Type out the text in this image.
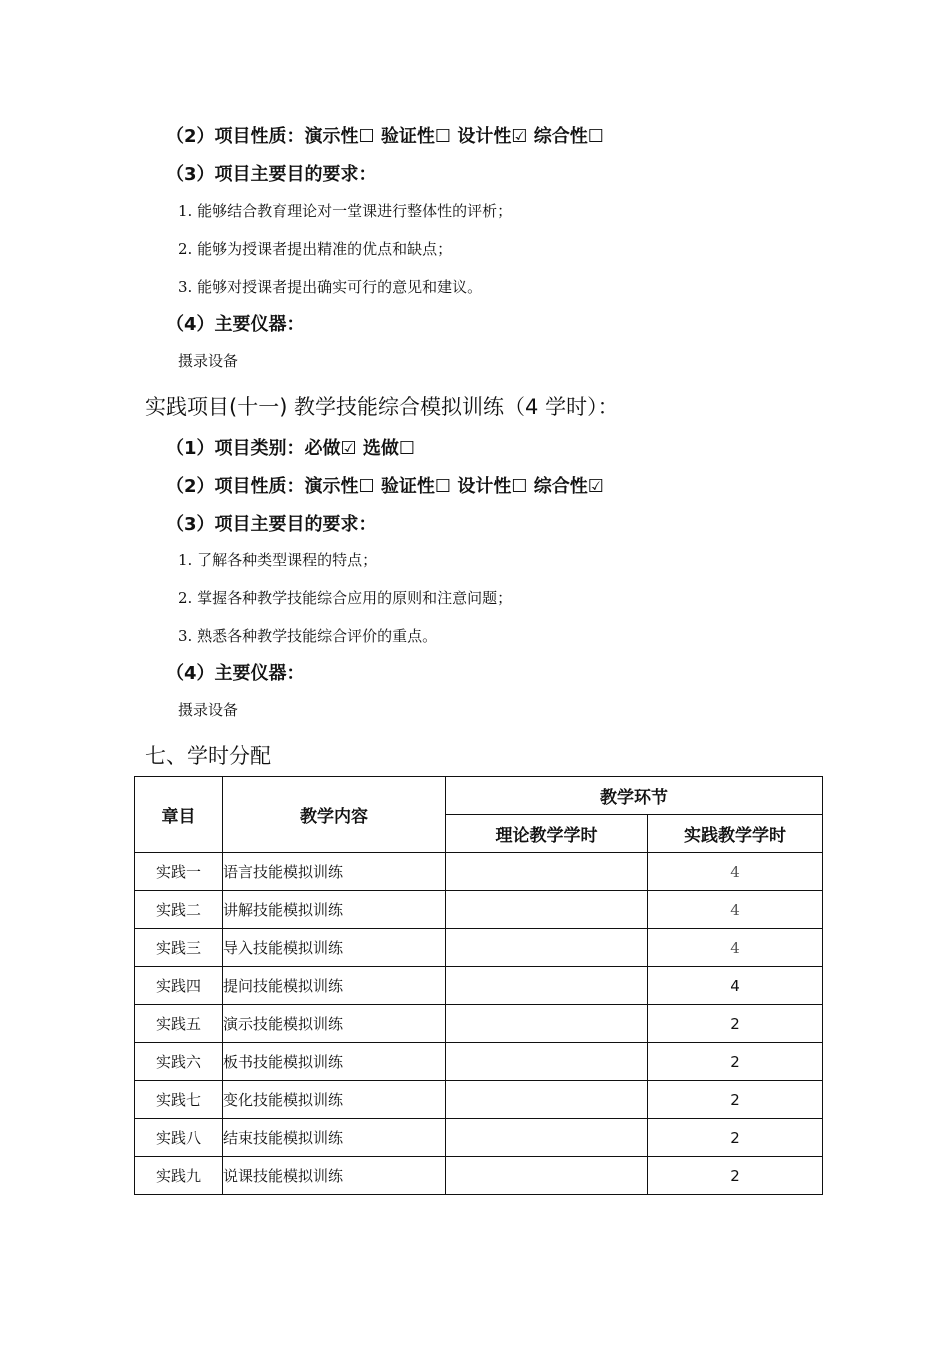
（2）项目性质：演示性☐ 验证性☐ 设计性☑ 综合性☐
（3）项目主要目的要求：
1. 能够结合教育理论对一堂课进行整体性的评析；
2. 能够为授课者提出精准的优点和缺点；
3. 能够对授课者提出确实可行的意见和建议。
（4）主要仪器：
摄录设备
实践项目(十一) 教学技能综合模拟训练（4 学时）：
（1）项目类别：必做☑ 选做☐
（2）项目性质：演示性☐ 验证性☐ 设计性☐ 综合性☑
（3）项目主要目的要求：
1. 了解各种类型课程的特点；
2. 掌握各种教学技能综合应用的原则和注意问题；
3. 熟悉各种教学技能综合评价的重点。
（4）主要仪器：
摄录设备
七、学时分配
章目	教学内容	教学环节	
		理论教学学时	实践教学学时
实践一	语言技能模拟训练		4
实践二	讲解技能模拟训练		4
实践三	导入技能模拟训练		4
实践四	提问技能模拟训练		4
实践五	演示技能模拟训练		2
实践六	板书技能模拟训练		2
实践七	变化技能模拟训练		2
实践八	结束技能模拟训练		2
实践九	说课技能模拟训练		2
